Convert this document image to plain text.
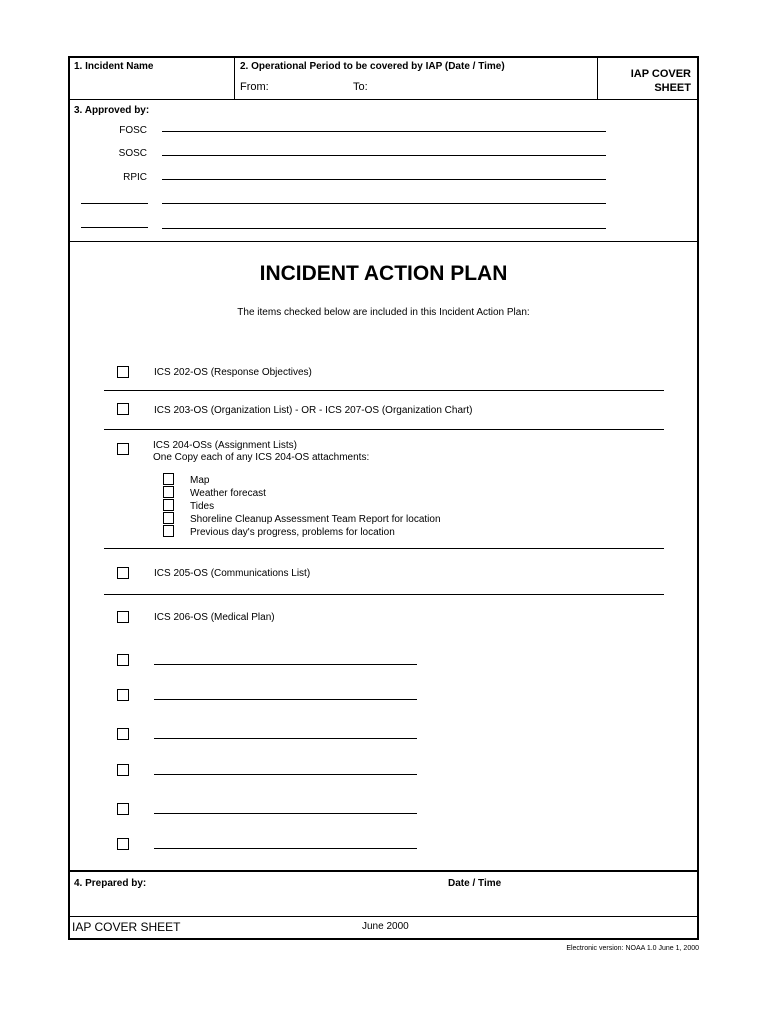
1. Incident Name	2. Operational Period to be covered by IAP (Date / Time)
From:	To:
IAP COVER
SHEET
3. Approved by:
FOSC
SOSC
RPIC
INCIDENT ACTION PLAN
The items checked below are included in this Incident Action Plan:
ICS 202-OS (Response Objectives)
ICS 203-OS (Organization List) - OR - ICS 207-OS (Organization Chart)
ICS 204-OSs (Assignment Lists)
One Copy each of any ICS 204-OS attachments:
Map
Weather forecast
Tides
Shoreline Cleanup Assessment Team Report for location
Previous day's progress, problems for location
ICS 205-OS (Communications List)
ICS 206-OS (Medical Plan)
4. Prepared by:	Date / Time
IAP COVER SHEET	June 2000
Electronic version: NOAA 1.0 June 1, 2000
